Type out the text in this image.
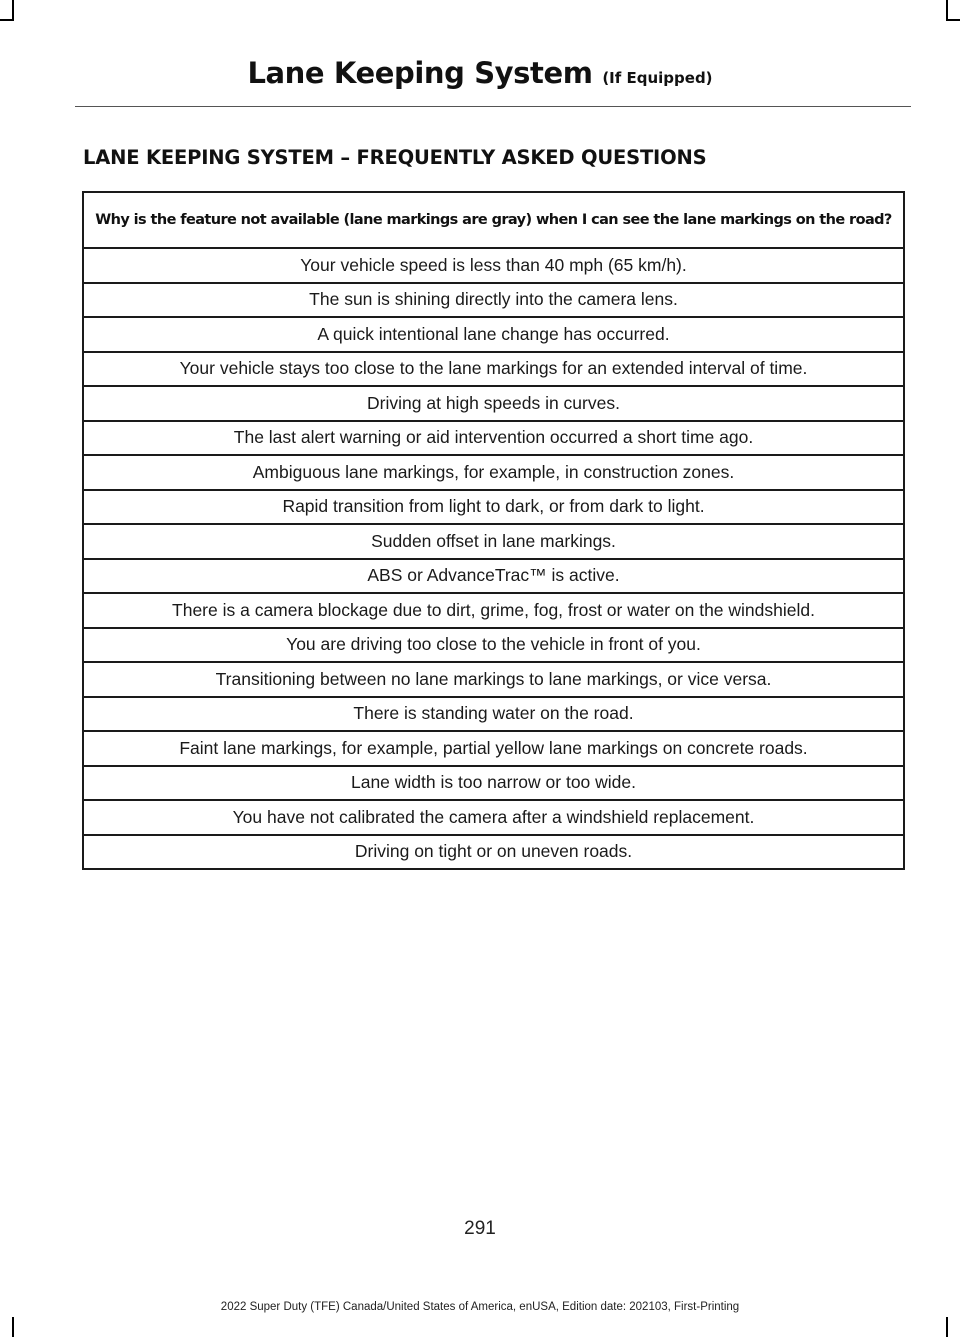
Lane Keeping System (If Equipped)
LANE KEEPING SYSTEM – FREQUENTLY ASKED QUESTIONS
Why is the feature not available (lane markings are gray) when I can see the lane markings on the road?
Your vehicle speed is less than 40 mph (65 km/h).
The sun is shining directly into the camera lens.
A quick intentional lane change has occurred.
Your vehicle stays too close to the lane markings for an extended interval of time.
Driving at high speeds in curves.
The last alert warning or aid intervention occurred a short time ago.
Ambiguous lane markings, for example, in construction zones.
Rapid transition from light to dark, or from dark to light.
Sudden offset in lane markings.
ABS or AdvanceTrac™ is active.
There is a camera blockage due to dirt, grime, fog, frost or water on the windshield.
You are driving too close to the vehicle in front of you.
Transitioning between no lane markings to lane markings, or vice versa.
There is standing water on the road.
Faint lane markings, for example, partial yellow lane markings on concrete roads.
Lane width is too narrow or too wide.
You have not calibrated the camera after a windshield replacement.
Driving on tight or on uneven roads.
291
2022 Super Duty (TFE) Canada/United States of America, enUSA, Edition date: 202103, First-Printing
